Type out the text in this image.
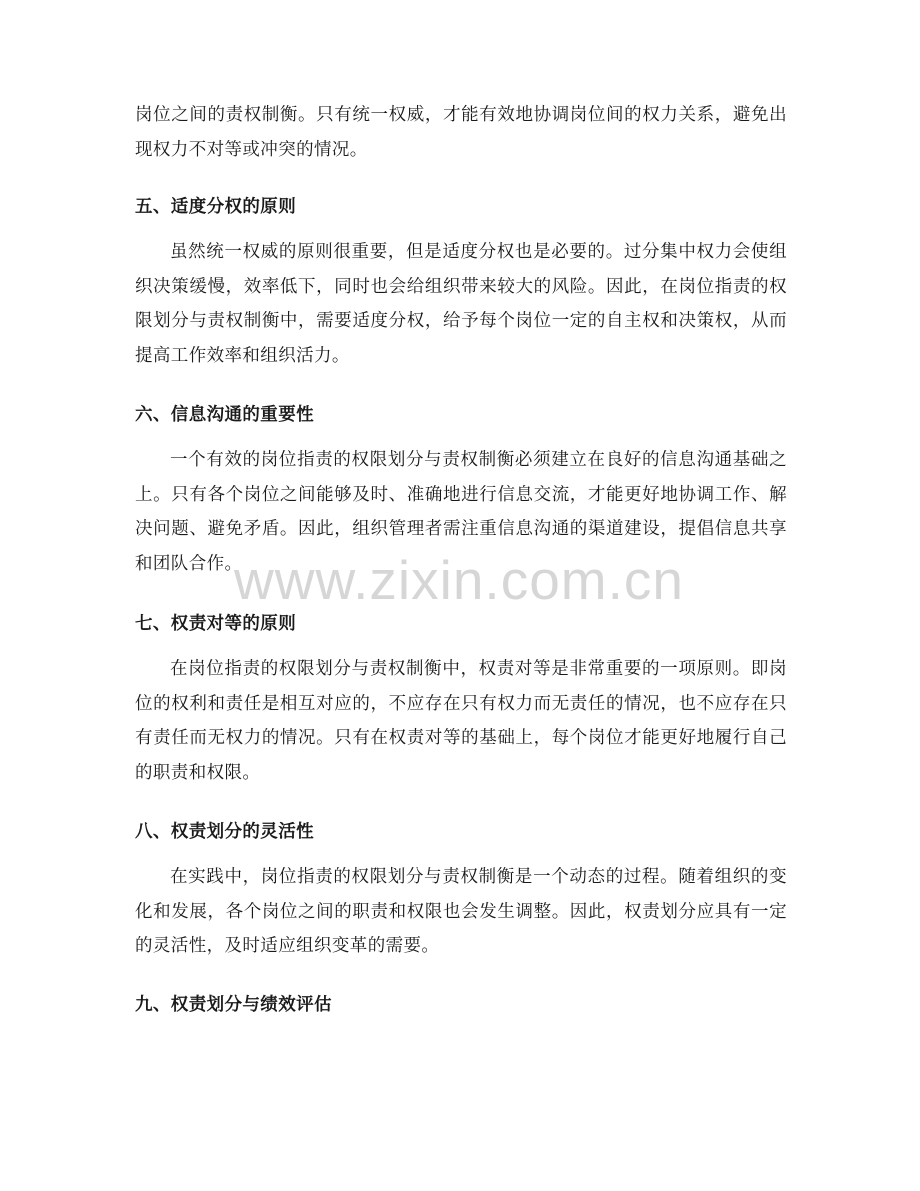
岗位之间的责权制衡。只有统一权威，才能有效地协调岗位间的权力关系，避免出现权力不对等或冲突的情况。

五、适度分权的原则

虽然统一权威的原则很重要，但是适度分权也是必要的。过分集中权力会使组织决策缓慢，效率低下，同时也会给组织带来较大的风险。因此，在岗位指责的权限划分与责权制衡中，需要适度分权，给予每个岗位一定的自主权和决策权，从而提高工作效率和组织活力。

六、信息沟通的重要性

一个有效的岗位指责的权限划分与责权制衡必须建立在良好的信息沟通基础之上。只有各个岗位之间能够及时、准确地进行信息交流，才能更好地协调工作、解决问题、避免矛盾。因此，组织管理者需注重信息沟通的渠道建设，提倡信息共享和团队合作。

七、权责对等的原则

在岗位指责的权限划分与责权制衡中，权责对等是非常重要的一项原则。即岗位的权利和责任是相互对应的，不应存在只有权力而无责任的情况，也不应存在只有责任而无权力的情况。只有在权责对等的基础上，每个岗位才能更好地履行自己的职责和权限。

八、权责划分的灵活性

在实践中，岗位指责的权限划分与责权制衡是一个动态的过程。随着组织的变化和发展，各个岗位之间的职责和权限也会发生调整。因此，权责划分应具有一定的灵活性，及时适应组织变革的需要。

九、权责划分与绩效评估
www.zixin.com.cn
